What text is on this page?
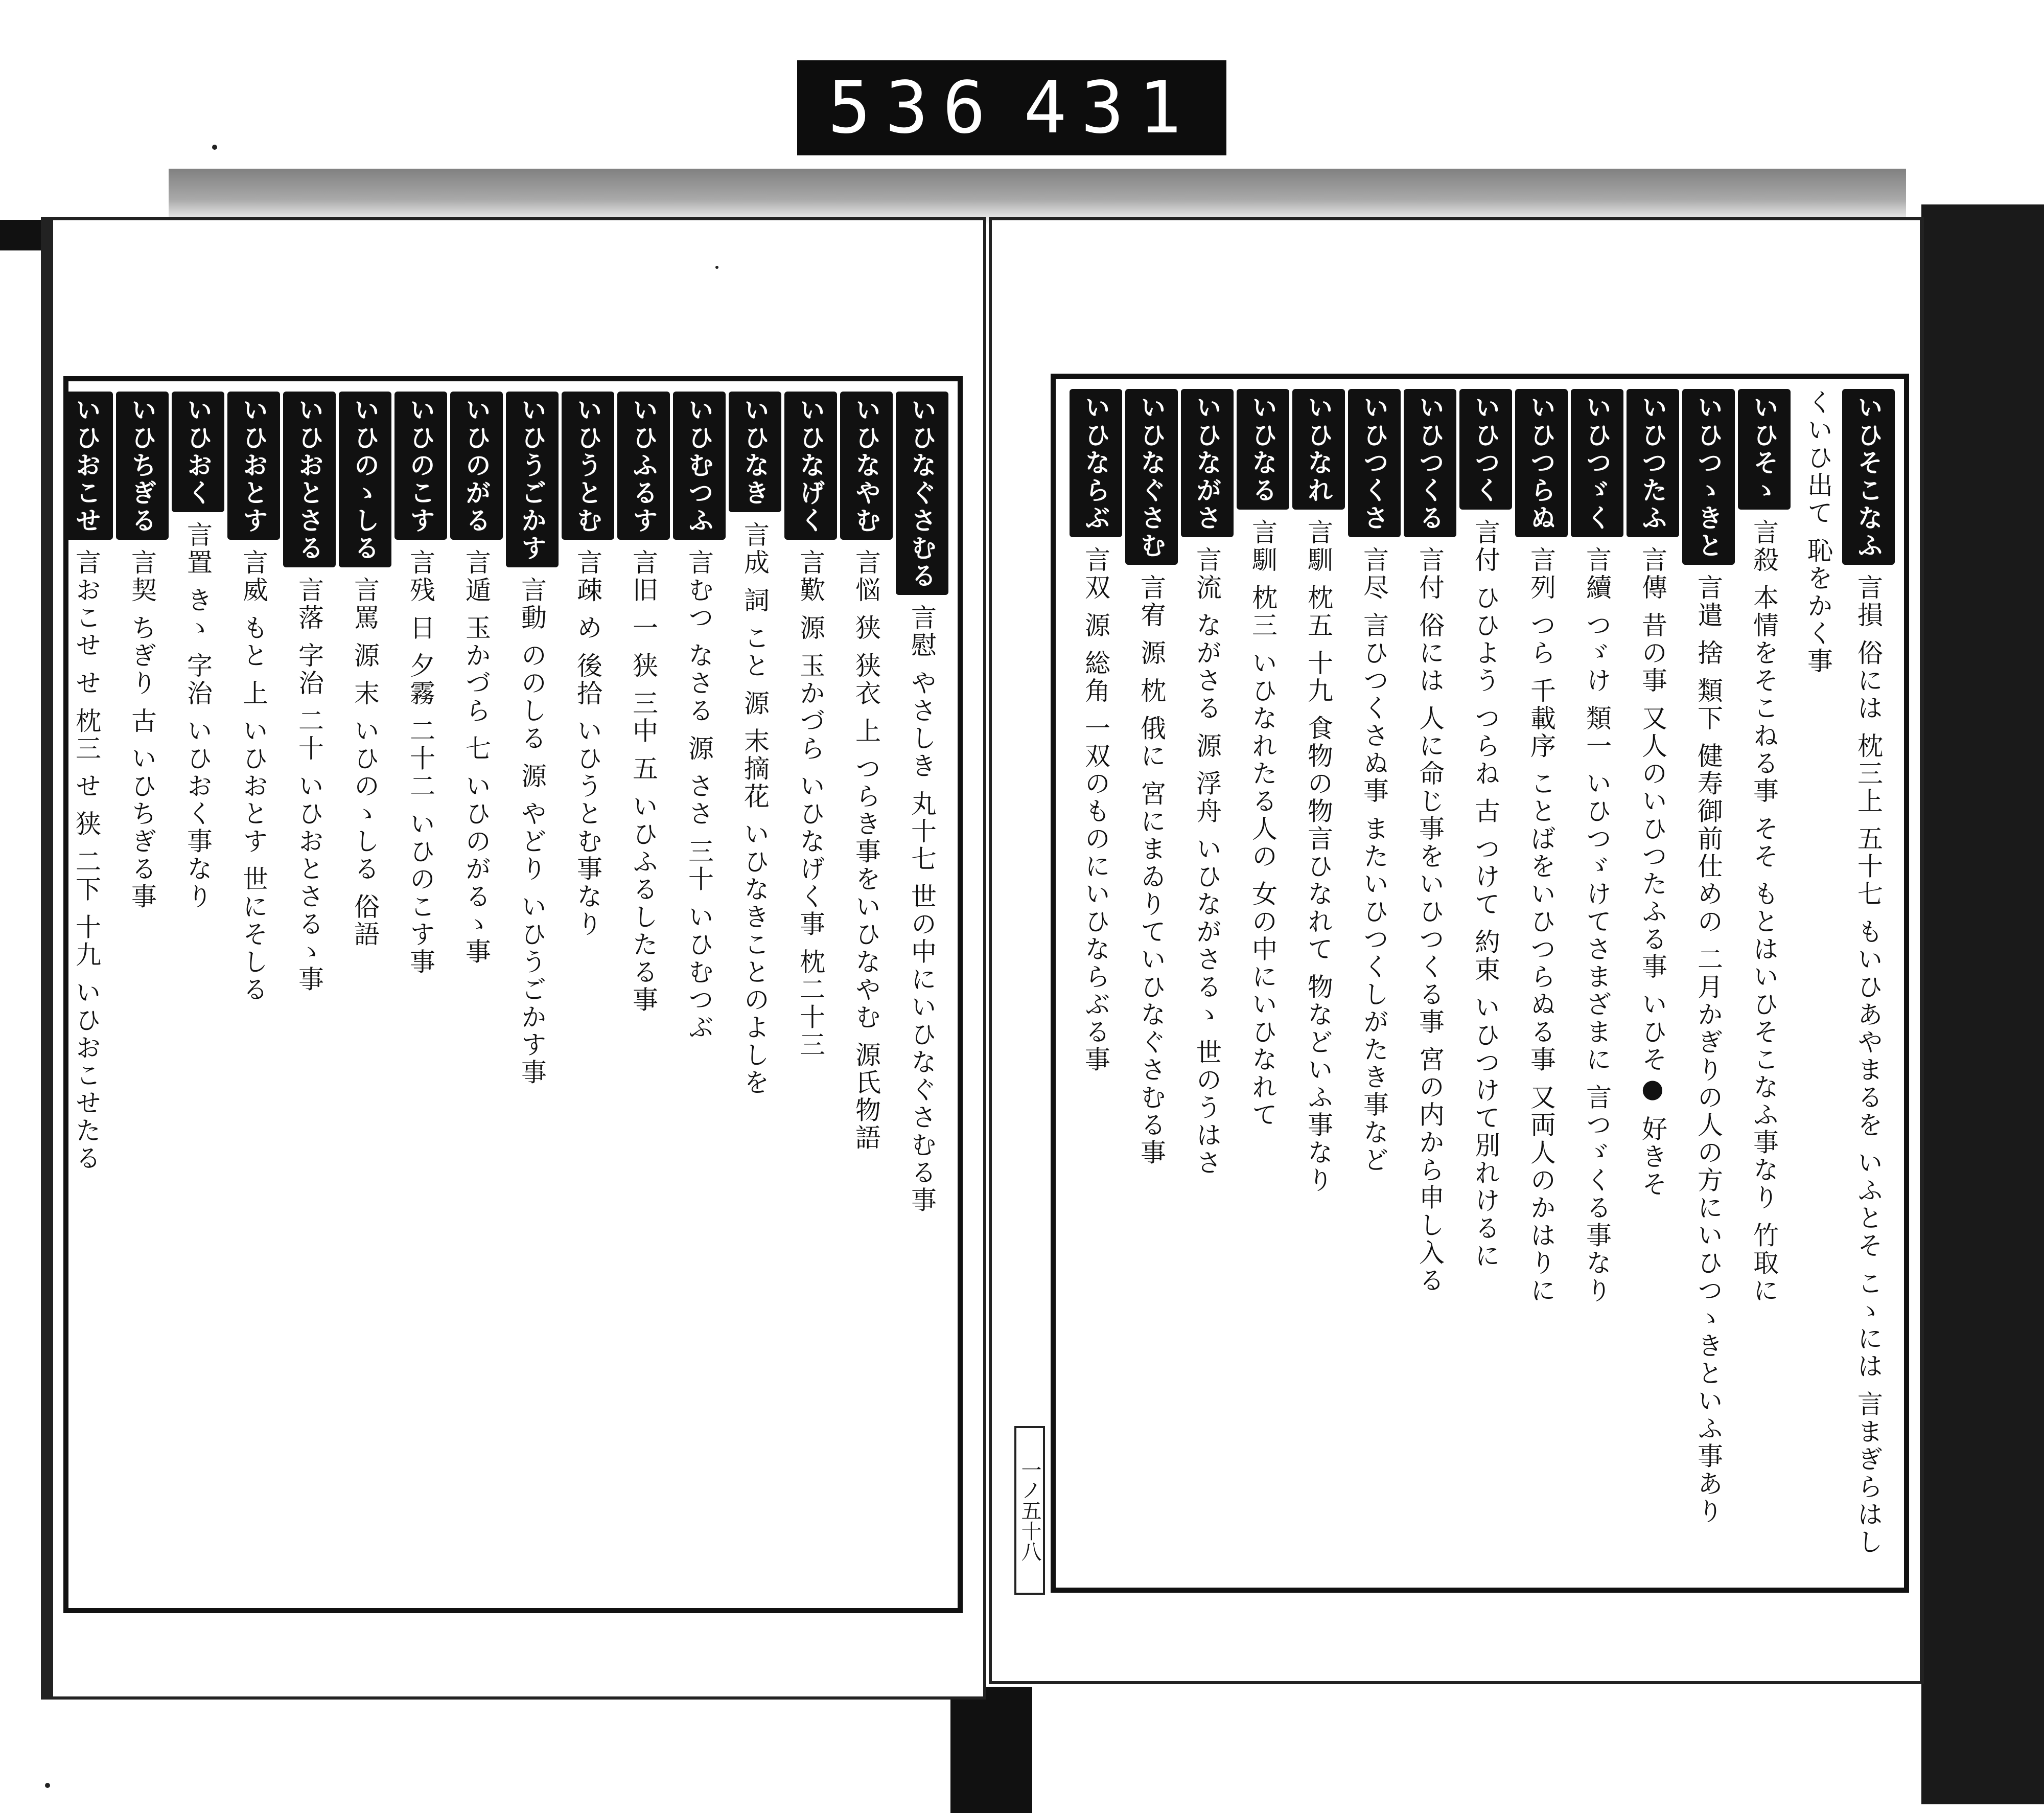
536 431
いひなぐさむる言慰 やさしき 丸十七 世の中にいひなぐさむる事
いひなやむ言悩 狭 狭衣 上 つらき事をいひなやむ 源氏物語
いひなげく言歎 源 玉かづら いひなげく事 枕二十三
いひなき言成 詞 こと 源 末摘花 いひなきことのよしを
いひむつふ言むつ なさる 源 ささ 三十 いひむつぶ
いひふるす言旧 一 狭 三中 五 いひふるしたる事
いひうとむ言疎 め 後拾 いひうとむ事なり
いひうごかす言動 ののしる 源 やどり いひうごかす事
いひのがる言遁 玉かづら 七 いひのがるゝ事
いひのこす言残 日 夕霧 二十二 いひのこす事
いひのゝしる言罵 源 末 いひのゝしる 俗語
いひおとさる言落 字治 二十 いひおとさるゝ事
いひおとす言威 もと 上 いひおとす 世にそしる
いひおく言置 きゝ 字治 いひおく事なり
いひちぎる言契 ちぎり 古 いひちぎる事
いひおこせ言おこせ せ 枕三 せ 狭 二下 十九 いひおこせたる
いひそこなふ言損 俗には 枕三上 五十七 もいひあやまるを いふとそ こゝには 言まぎらはしくいひ出て 恥をかく事
いひそゝ言殺 本情をそこねる事 そそ もとはいひそこなふ事なり 竹取に
いひつゝきと言遣 捨 類下 健寿御前仕めの 二月かぎりの人の方にいひつゝきといふ事あり
いひつたふ言傳 昔の事 又人のいひつたふる事 いひそ● 好きそ
いひつゞく言續 つゞけ 類一 いひつゞけてさまざまに 言つゞくる事なり
いひつらぬ言列 つら 千載序 ことばをいひつらぬる事 又両人のかはりに
いひつく言付 ひひよう つらね 古 つけて 約束 いひつけて別れけるに
いひつくる言付 俗には 人に命じ事をいひつくる事 宮の内から申し入る
いひつくさ言尽 言ひつくさぬ事 またいひつくしがたき事など
いひなれ言馴 枕五 十九 食物の物言ひなれて 物などいふ事なり
いひなる言馴 枕三 いひなれたる人の 女の中にいひなれて
いひながさ言流 ながさる 源 浮舟 いひながさるゝ 世のうはさ
いひなぐさむ言宥 源 枕 俄に 宮にまゐりていひなぐさむる事
いひならぶ言双 源 総角 一双のものにいひならぶる事
一ノ五十八
